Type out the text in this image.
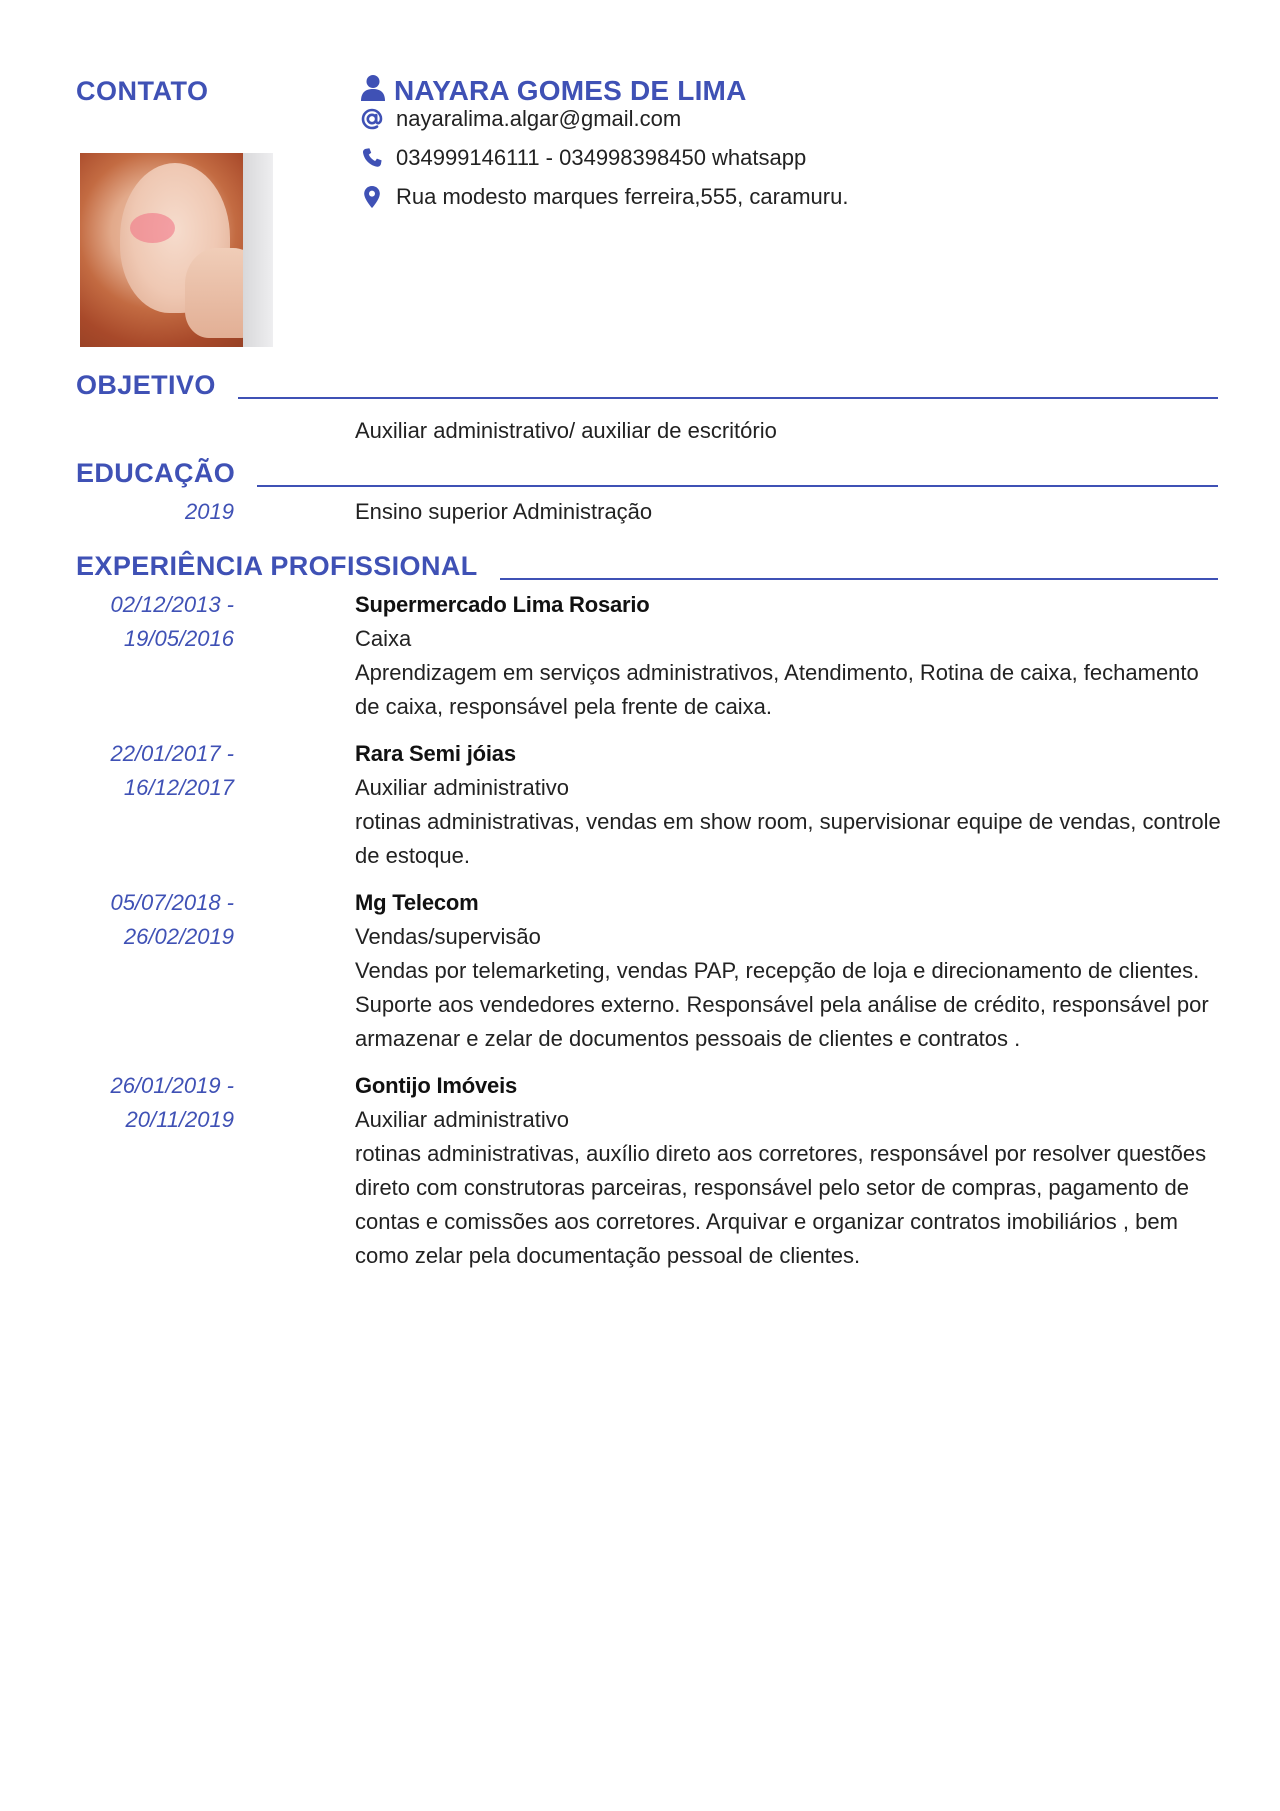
CONTATO	NAYARA GOMES DE LIMA
nayaralima.algar@gmail.com
034999146111 - 034998398450 whatsapp
Rua modesto marques ferreira,555, caramuru.
OBJETIVO
Auxiliar administrativo/ auxiliar de escritório
EDUCAÇÃO
2019	Ensino superior Administração
EXPERIÊNCIA PROFISSIONAL
02/12/2013 -
19/05/2016
Supermercado Lima Rosario
Caixa
Aprendizagem em serviços administrativos, Atendimento, Rotina de caixa, fechamento de caixa, responsável pela frente de caixa.
22/01/2017 -
16/12/2017
Rara Semi jóias
Auxiliar administrativo
rotinas administrativas, vendas em show room, supervisionar equipe de vendas, controle de estoque.
05/07/2018 -
26/02/2019
Mg Telecom
Vendas/supervisão
Vendas por telemarketing, vendas PAP, recepção de loja e direcionamento de clientes. Suporte aos vendedores externo. Responsável pela análise de crédito, responsável por armazenar e zelar de documentos pessoais de clientes e contratos .
26/01/2019 -
20/11/2019
Gontijo Imóveis
Auxiliar administrativo
rotinas administrativas, auxílio direto aos corretores, responsável por resolver questões direto com construtoras parceiras, responsável pelo setor de compras, pagamento de contas e comissões aos corretores. Arquivar e organizar contratos imobiliários , bem como zelar pela documentação pessoal de clientes.
